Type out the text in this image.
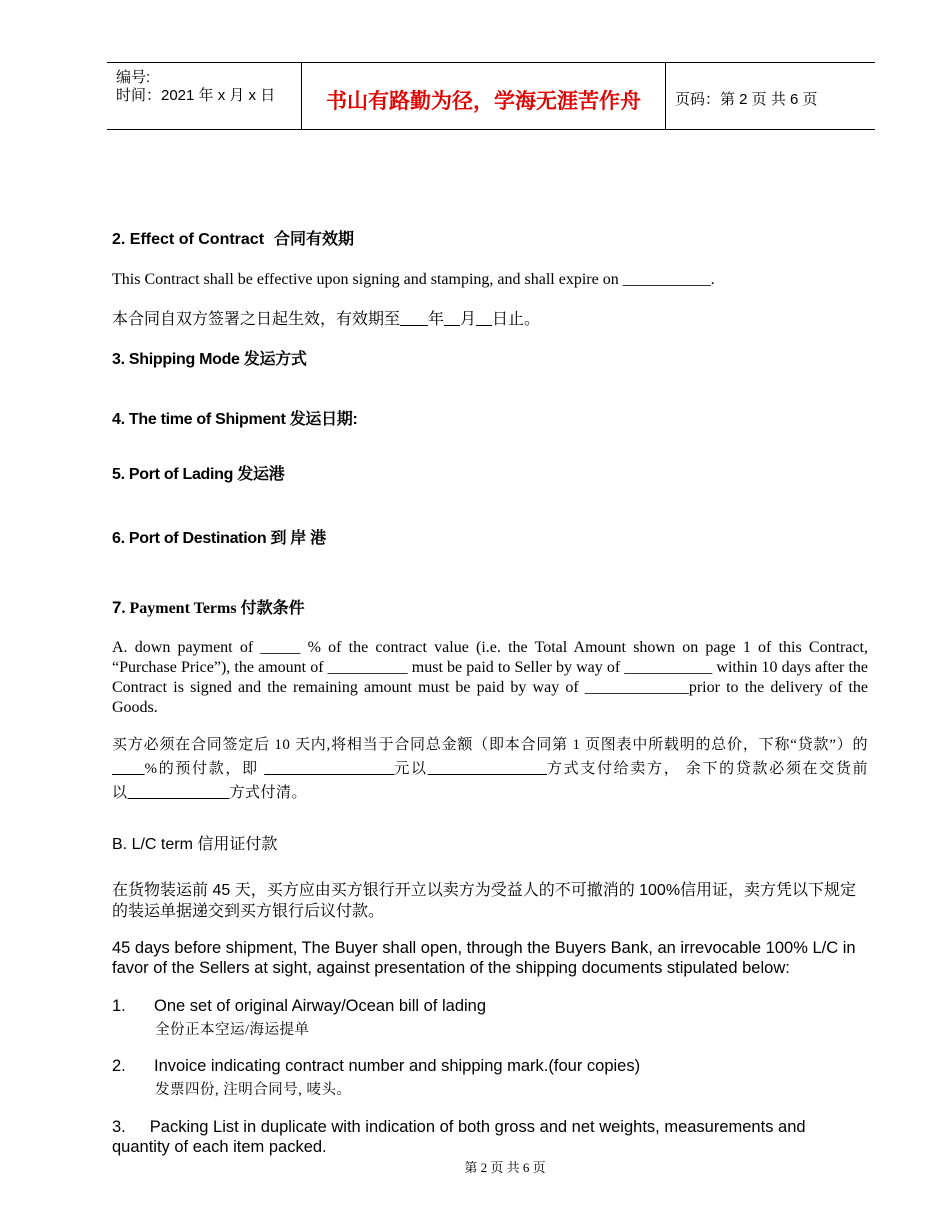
编号:
时间：2021 年 x 月 x 日	书山有路勤为径，学海无涯苦作舟	页码：第 2 页 共 6 页
2. Effect of Contract 合同有效期
This Contract shall be effective upon signing and stamping, and shall expire on ___________.
本合同自双方签署之日起生效，有效期至 年 月 日止。
3. Shipping Mode 发运方式
4. The time of Shipment 发运日期:
5. Port of Lading 发运港
6. Port of Destination 到 岸 港
7. Payment Terms 付款条件
A. down payment of _____ % of the contract value (i.e. the Total Amount shown on page 1 of this Contract, “Purchase Price”), the amount of __________ must be paid to Seller by way of ___________ within 10 days after the Contract is signed and the remaining amount must be paid by way of _____________prior to the delivery of the Goods.
买方必须在合同签定后 10 天内,将相当于合同总金额（即本合同第 1 页图表中所载明的总价，下称“贷款”）的       %的预付款，即	元以	方式支付给卖方， 余下的贷款必须在交货前以	方式付清。
B. L/C term 信用证付款
在货物装运前 45 天，买方应由买方银行开立以卖方为受益人的不可撤消的 100%信用证，卖方凭以下规定的装运单据递交到买方银行后议付款。
45 days before shipment, The Buyer shall open, through the Buyers Bank, an irrevocable 100% L/C in favor of the Sellers at sight, against presentation of the shipping documents stipulated below:
1. One set of original Airway/Ocean bill of lading
全份正本空运/海运提单
2. Invoice indicating contract number and shipping mark.(four copies)
发票四份, 注明合同号, 唛头。
3. Packing List in duplicate with indication of both gross and net weights, measurements and quantity of each item packed.
第 2 页 共 6 页
